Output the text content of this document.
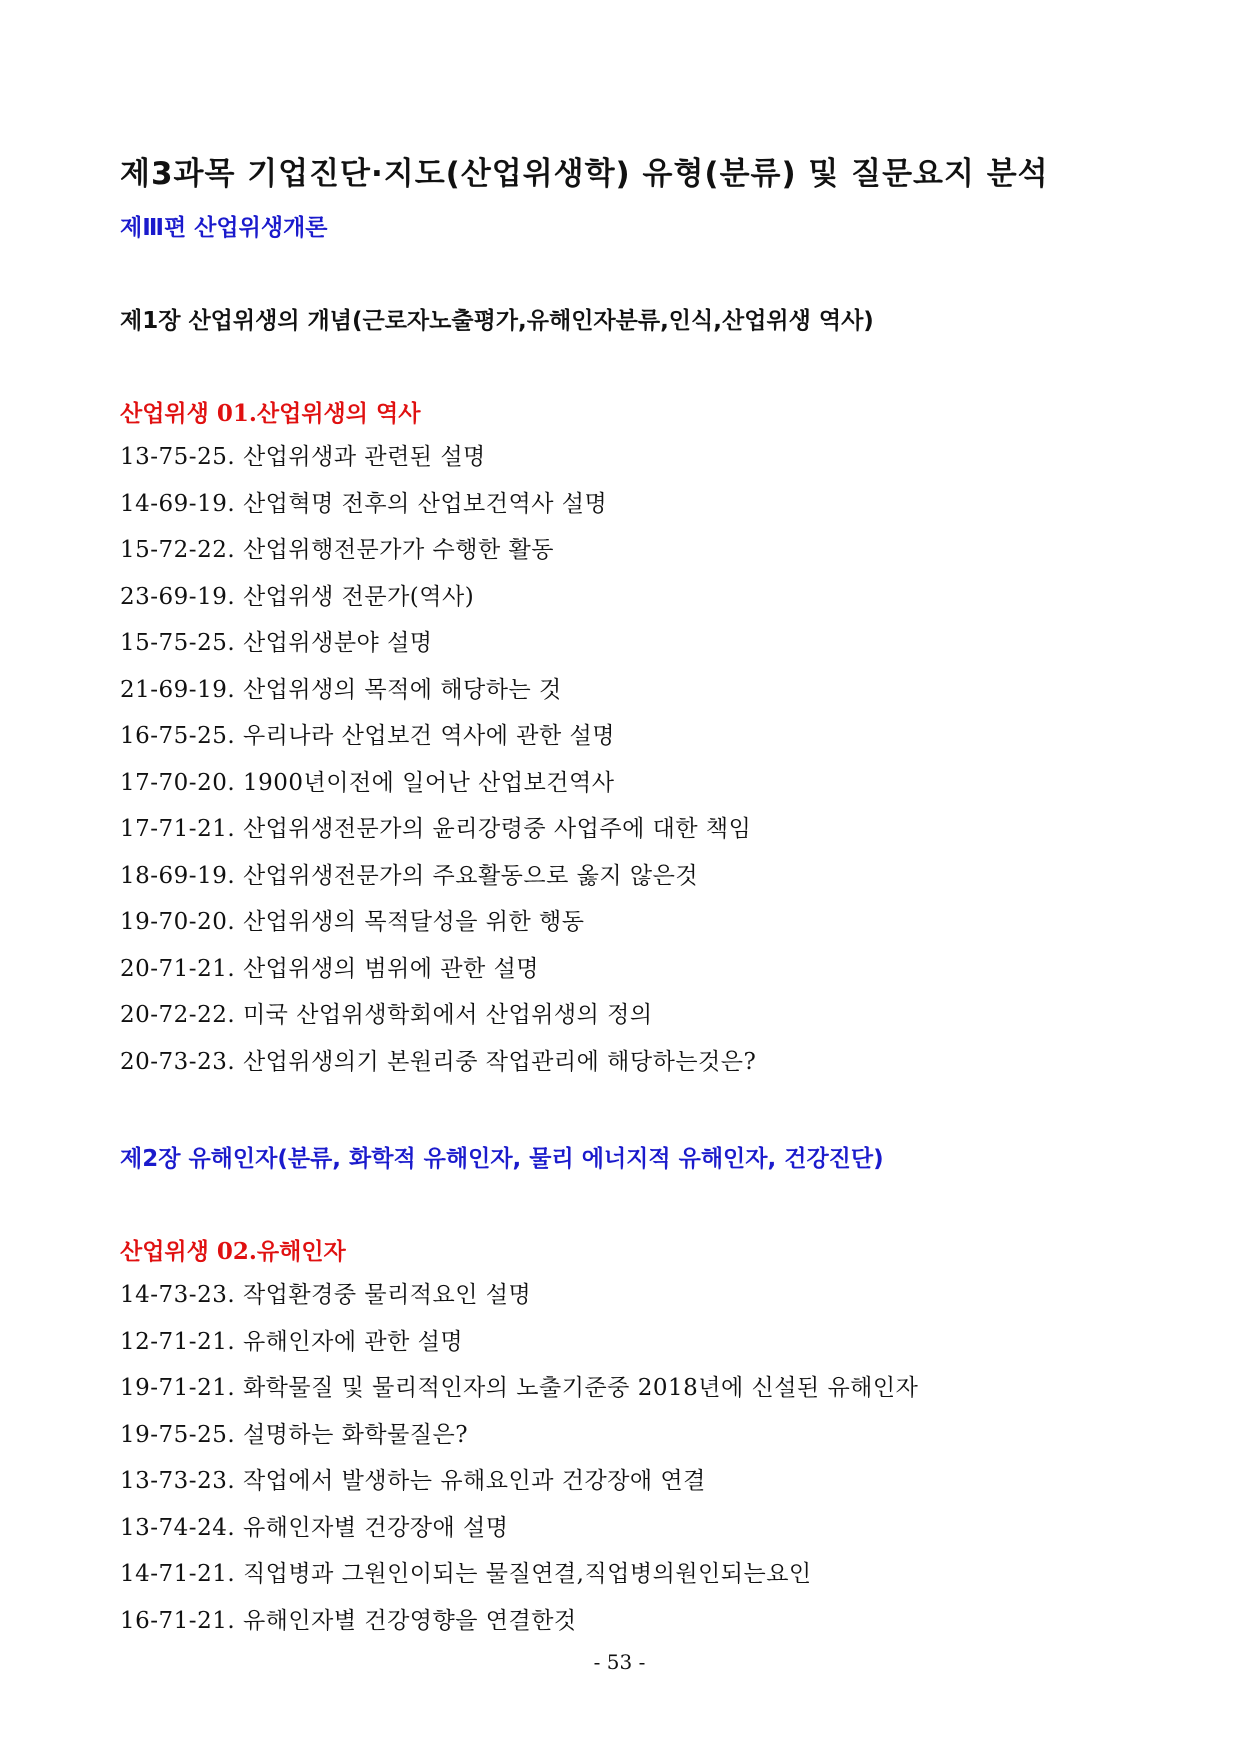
제3과목 기업진단·지도(산업위생학) 유형(분류) 및 질문요지 분석
제Ⅲ편 산업위생개론
제1장 산업위생의 개념(근로자노출평가,유해인자분류,인식,산업위생 역사)
산업위생 01.산업위생의 역사
13-75-25. 산업위생과 관련된 설명
14-69-19. 산업혁명 전후의 산업보건역사 설명
15-72-22. 산업위행전문가가 수행한 활동
23-69-19. 산업위생 전문가(역사)
15-75-25. 산업위생분야 설명
21-69-19. 산업위생의 목적에 해당하는 것
16-75-25. 우리나라 산업보건 역사에 관한 설명
17-70-20. 1900년이전에 일어난 산업보건역사
17-71-21. 산업위생전문가의 윤리강령중 사업주에 대한 책임
18-69-19. 산업위생전문가의 주요활동으로 옳지 않은것
19-70-20. 산업위생의 목적달성을 위한 행동
20-71-21. 산업위생의 범위에 관한 설명
20-72-22. 미국 산업위생학회에서 산업위생의 정의
20-73-23. 산업위생의기 본원리중 작업관리에 해당하는것은?
제2장 유해인자(분류, 화학적 유해인자, 물리 에너지적 유해인자, 건강진단)
산업위생 02.유해인자
14-73-23. 작업환경중 물리적요인 설명
12-71-21. 유해인자에 관한 설명
19-71-21. 화학물질 및 물리적인자의 노출기준중 2018년에 신설된 유해인자
19-75-25. 설명하는 화학물질은?
13-73-23. 작업에서 발생하는 유해요인과 건강장애 연결
13-74-24. 유해인자별 건강장애 설명
14-71-21. 직업병과 그원인이되는 물질연결,직업병의원인되는요인
16-71-21. 유해인자별 건강영향을 연결한것
- 53 -
